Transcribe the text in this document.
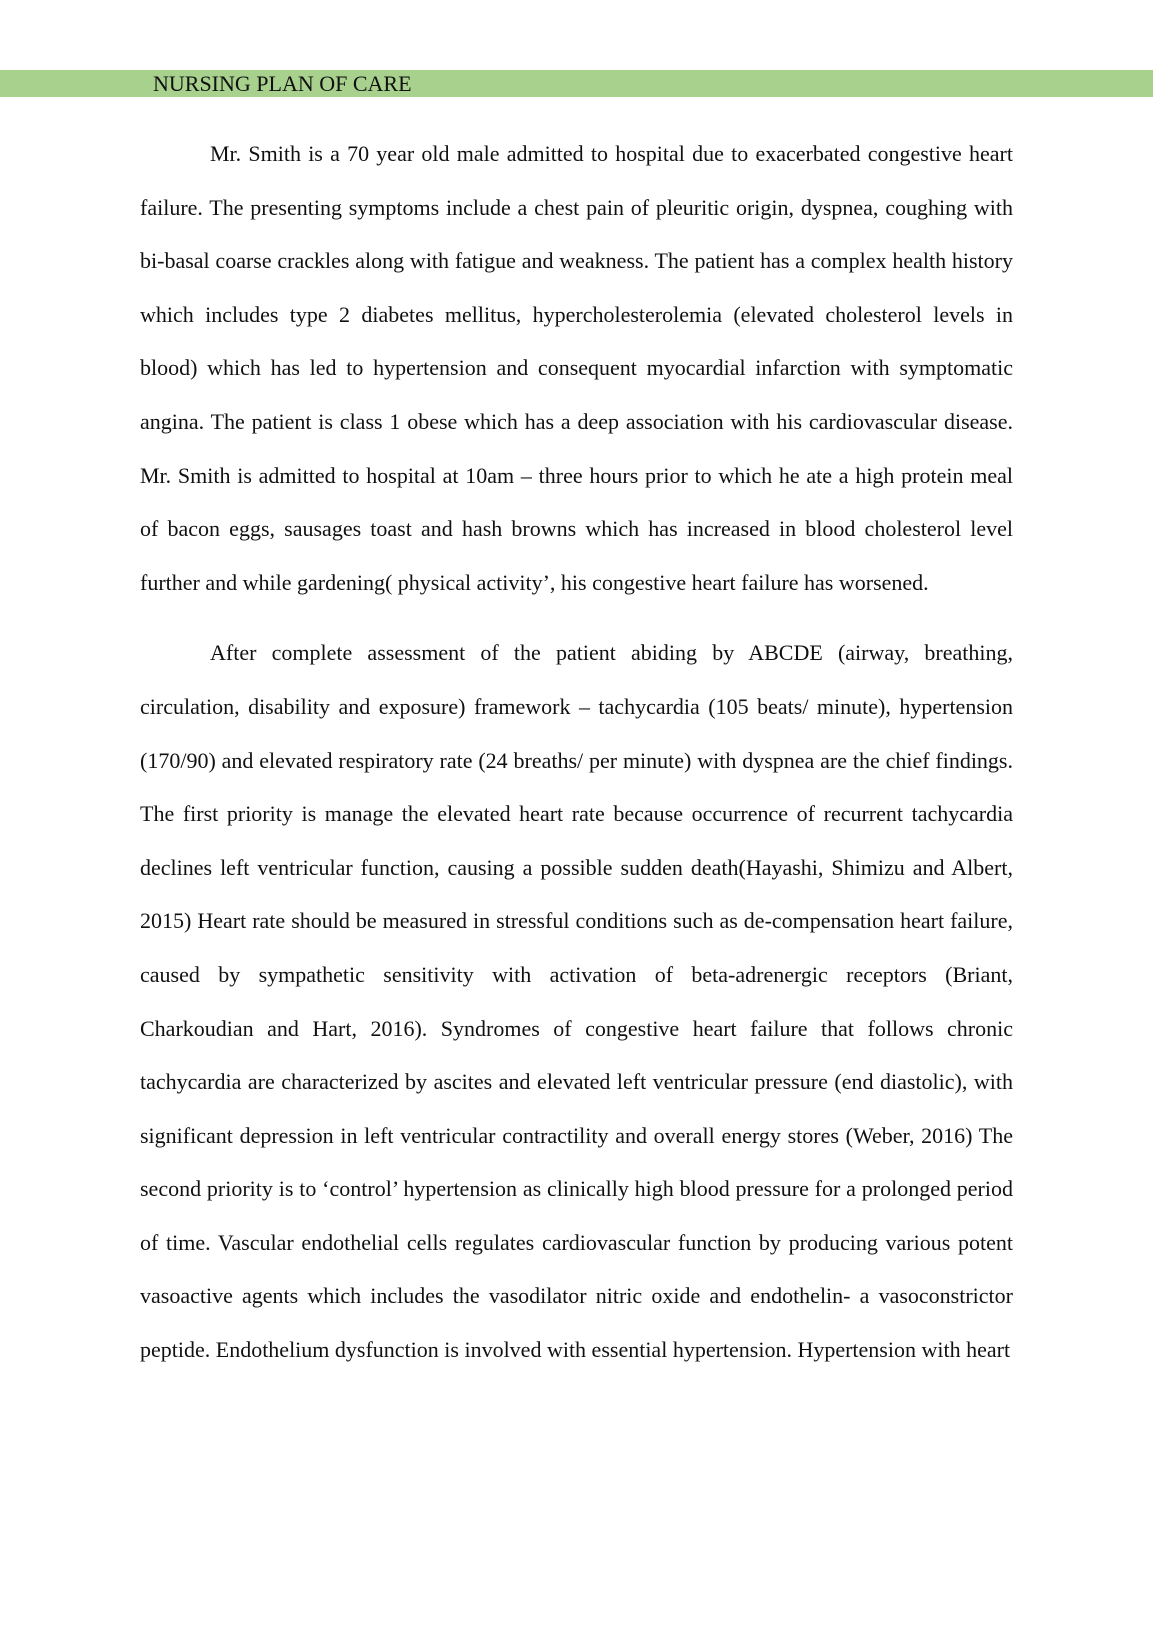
NURSING PLAN OF CARE

Mr. Smith is a 70 year old male admitted to hospital due to exacerbated congestive heart failure. The presenting symptoms include a chest pain of pleuritic origin, dyspnea, coughing with bi-basal coarse crackles along with fatigue and weakness. The patient has a complex health history which includes type 2 diabetes mellitus, hypercholesterolemia (elevated cholesterol levels in blood) which has led to hypertension and consequent myocardial infarction with symptomatic angina. The patient is class 1 obese which has a deep association with his cardiovascular disease. Mr. Smith is admitted to hospital at 10am – three hours prior to which he ate a high protein meal of bacon eggs, sausages toast and hash browns which has increased in blood cholesterol level further and while gardening( physical activity’, his congestive heart failure has worsened.

After complete assessment of the patient abiding by ABCDE (airway, breathing, circulation, disability and exposure) framework – tachycardia (105 beats/ minute), hypertension (170/90) and elevated respiratory rate (24 breaths/ per minute) with dyspnea are the chief findings. The first priority is manage the elevated heart rate because occurrence of recurrent tachycardia declines left ventricular function, causing a possible sudden death(Hayashi, Shimizu and Albert, 2015) Heart rate should be measured in stressful conditions such as de-compensation heart failure, caused by sympathetic sensitivity with activation of beta-adrenergic receptors (Briant, Charkoudian and Hart, 2016). Syndromes of congestive heart failure that follows chronic tachycardia are characterized by ascites and elevated left ventricular pressure (end diastolic), with significant depression in left ventricular contractility and overall energy stores (Weber, 2016) The second priority is to ‘control’ hypertension as clinically high blood pressure for a prolonged period of time. Vascular endothelial cells regulates cardiovascular function by producing various potent vasoactive agents which includes the vasodilator nitric oxide and endothelin- a vasoconstrictor peptide. Endothelium dysfunction is involved with essential hypertension. Hypertension with heart
